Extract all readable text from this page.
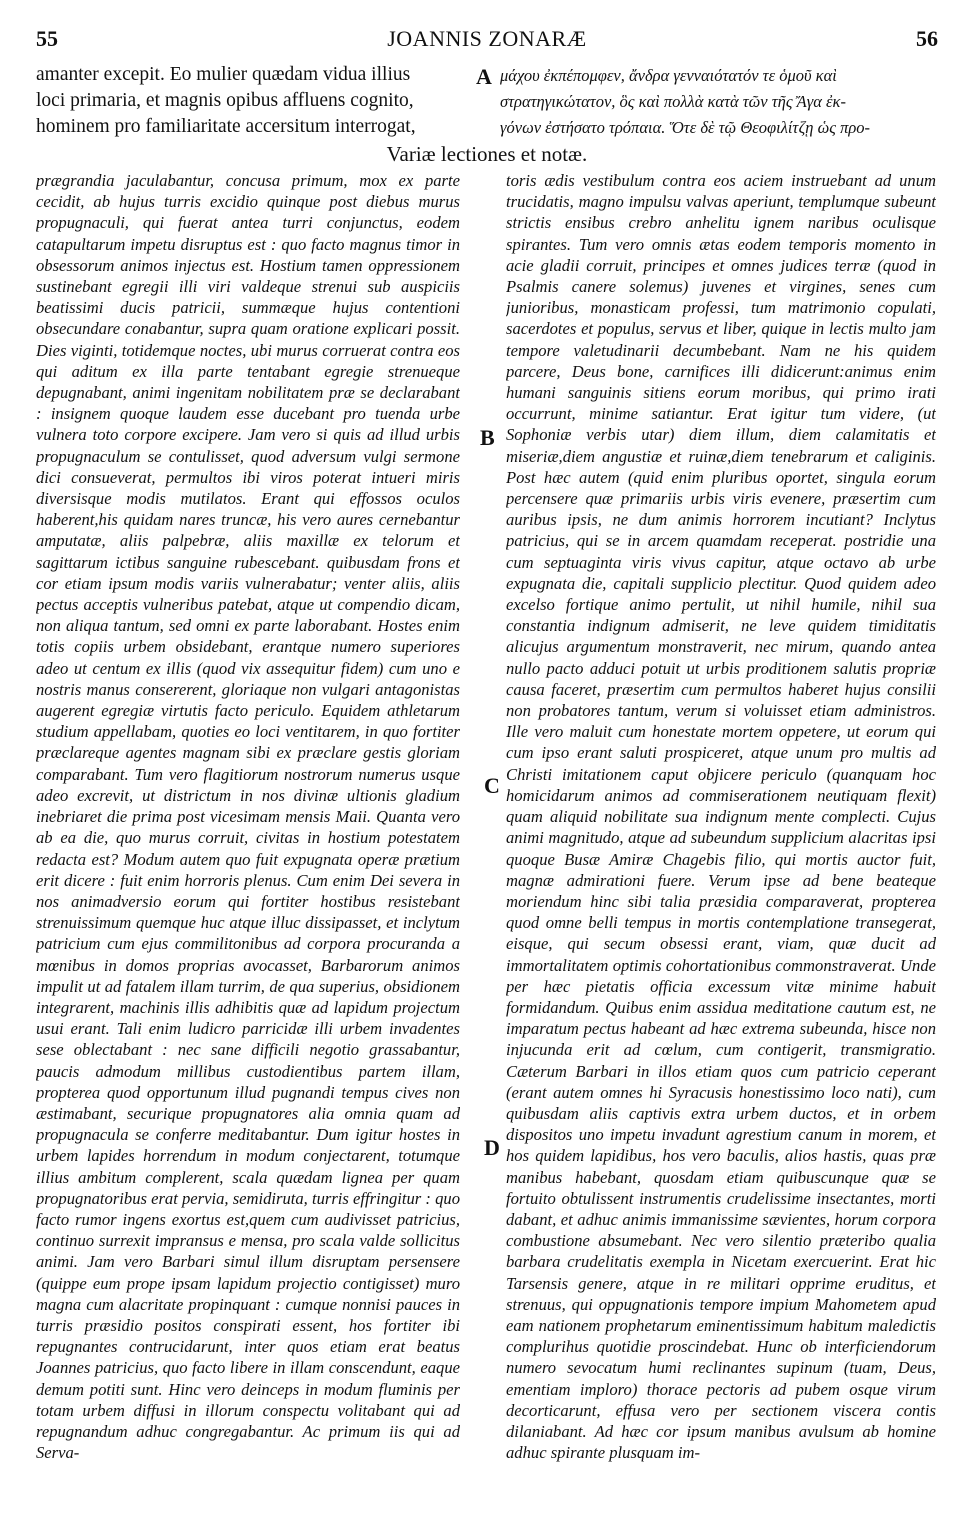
55	JOANNIS ZONARÆ	56
amanter excepit. Eo mulier quædam vidua illius
loci primaria, et magnis opibus affluens cognito,
hominem pro familiaritate accersitum interrogat,
μάχου ἐκπέπομφεν, ἄνδρα γενναιότατόν τε ὁμοῦ καὶ
στρατηγικώτατον, ὃς καὶ πολλὰ κατὰ τῶν τῆς Ἄγα ἐκ-
γόνων ἐστήσατο τρόπαια. Ὅτε δὲ τῷ Θεοφιλίτζῃ ὡς προ-
A
Variæ lectiones et notæ.

prægrandia jaculabantur, concusa primum, mox ex parte cecidit, ab hujus turris excidio quinque post diebus murus propugnaculi, qui fuerat antea turri conjunctus, eodem catapultarum impetu disruptus est : quo facto magnus timor in obsessorum animos injectus est. Hostium tamen oppressionem sustinebant egregii illi viri valdeque strenui sub auspiciis beatissimi ducis patricii, summæque hujus contentioni obsecundare conabantur, supra quam oratione explicari possit. Dies viginti, totidemque noctes, ubi murus corruerat contra eos qui aditum ex illa parte tentabant egregie strenueque depugnabant, animi ingenitam nobilitatem præ se declarabant : insignem quoque laudem esse ducebant pro tuenda urbe vulnera toto corpore excipere. Jam vero si quis ad illud urbis propugnaculum se contulisset, quod adversum vulgi sermone dici consueverat, permultos ibi viros poterat intueri miris diversisque modis mutilatos. Erant qui effossos oculos haberent,his quidam nares truncæ, his vero aures cernebantur amputatæ, aliis palpebræ, aliis maxillæ ex telorum et sagittarum ictibus sanguine rubescebant. quibusdam frons et cor etiam ipsum modis variis vulnerabatur; venter aliis, aliis pectus acceptis vulneribus patebat, atque ut compendio dicam, non aliqua tantum, sed omni ex parte laborabant. Hostes enim totis copiis urbem obsidebant, erantque numero superiores adeo ut centum ex illis (quod vix assequitur fidem) cum uno e nostris manus consererent, gloriaque non vulgari antagonistas augerent egregiæ virtutis facto periculo. Equidem athletarum studium appellabam, quoties eo loci ventitarem, in quo fortiter præclareque agentes magnam sibi ex præclare gestis gloriam comparabant. Tum vero flagitiorum nostrorum numerus usque adeo excrevit, ut districtum in nos divinæ ultionis gladium inebriaret die prima post vicesimam mensis Maii. Quanta vero ab ea die, quo murus corruit, civitas in hostium potestatem redacta est? Modum autem quo fuit expugnata operæ prætium erit dicere : fuit enim horroris plenus. Cum enim Dei severa in nos animadversio eorum qui fortiter hostibus resistebant strenuissimum quemque huc atque illuc dissipasset, et inclytum patricium cum ejus commilitonibus ad corpora procuranda a mœnibus in domos proprias avocasset, Barbarorum animos impulit ut ad fatalem illam turrim, de qua superius, obsidionem integrarent, machinis illis adhibitis quæ ad lapidum projectum usui erant. Tali enim ludicro parricidæ illi urbem invadentes sese oblectabant : nec sane difficili negotio grassabantur, paucis admodum millibus custodientibus partem illam, propterea quod opportunum illud pugnandi tempus cives non æstimabant, securique propugnatores alia omnia quam ad propugnacula se conferre meditabantur. Dum igitur hostes in urbem lapides horrendum in modum conjectarent, totumque illius ambitum complerent, scala quædam lignea per quam propugnatoribus erat pervia, semidiruta, turris effringitur : quo facto rumor ingens exortus est,quem cum audivisset patricius, continuo surrexit impransus e mensa, pro scala valde sollicitus animi. Jam vero Barbari simul illum disruptam persensere (quippe eum prope ipsam lapidum projectio contigisset) muro magna cum alacritate propinquant : cumque nonnisi pauces in turris præsidio positos conspirati essent, hos fortiter ibi repugnantes contrucidarunt, inter quos etiam erat beatus Joannes patricius, quo facto libere in illam conscendunt, eaque demum potiti sunt. Hinc vero deinceps in modum fluminis per totam urbem diffusi in illorum conspectu volitabant qui ad repugnandum adhuc congregabantur. Ac primum iis qui ad Serva-

B
C
D

toris ædis vestibulum contra eos aciem instruebant ad unum trucidatis, magno impulsu valvas aperiunt, templumque subeunt strictis ensibus crebro anhelitu ignem naribus oculisque spirantes. Tum vero omnis ætas eodem temporis momento in acie gladii corruit, principes et omnes judices terræ (quod in Psalmis canere solemus) juvenes et virgines, senes cum junioribus, monasticam professi, tum matrimonio copulati, sacerdotes et populus, servus et liber, quique in lectis multo jam tempore valetudinarii decumbebant. Nam ne his quidem parcere, Deus bone, carnifices illi didicerunt:animus enim humani sanguinis sitiens eorum moribus, qui primo irati occurrunt, minime satiantur. Erat igitur tum videre, (ut Sophoniæ verbis utar) diem illum, diem calamitatis et miseriæ,diem angustiæ et ruinæ,diem tenebrarum et caliginis. Post hæc autem (quid enim pluribus oportet, singula eorum percensere quæ primariis urbis viris evenere, præsertim cum auribus ipsis, ne dum animis horrorem incutiant? Inclytus patricius, qui se in arcem quamdam receperat. postridie una cum septuaginta viris vivus capitur, atque octavo ab urbe expugnata die, capitali supplicio plectitur. Quod quidem adeo excelso fortique animo pertulit, ut nihil humile, nihil sua constantia indignum admiserit, ne leve quidem timiditatis alicujus argumentum monstraverit, nec mirum, quando antea nullo pacto adduci potuit ut urbis proditionem salutis propriæ causa faceret, præsertim cum permultos haberet hujus consilii non probatores tantum, verum si voluisset etiam administros. Ille vero maluit cum honestate mortem oppetere, ut eorum qui cum ipso erant saluti prospiceret, atque unum pro multis ad Christi imitationem caput objicere periculo (quanquam hoc homicidarum animos ad commiserationem neutiquam flexit) quam aliquid nobilitate sua indignum mente complecti. Cujus animi magnitudo, atque ad subeundum supplicium alacritas ipsi quoque Busæ Amiræ Chagebis filio, qui mortis auctor fuit, magnæ admirationi fuere. Verum ipse ad bene beateque moriendum hinc sibi talia præsidia comparaverat, propterea quod omne belli tempus in mortis contemplatione transegerat, eisque, qui secum obsessi erant, viam, quæ ducit ad immortalitatem optimis cohortationibus commonstraverat. Unde per hæc pietatis officia excessum vitæ minime habuit formidandum. Quibus enim assidua meditatione cautum est, ne imparatum pectus habeant ad hæc extrema subeunda, hisce non injucunda erit ad cœlum, cum contigerit, transmigratio. Cæterum Barbari in illos etiam quos cum patricio ceperant (erant autem omnes hi Syracusis honestissimo loco nati), cum quibusdam aliis captivis extra urbem ductos, et in orbem dispositos uno impetu invadunt agrestium canum in morem, et hos quidem lapidibus, hos vero baculis, alios hastis, quas præ manibus habebant, quosdam etiam quibuscunque quæ se fortuito obtulissent instrumentis crudelissime insectantes, morti dabant, et adhuc animis immanissime sævientes, horum corpora combustione absumebant. Nec vero silentio præteribo qualia barbara crudelitatis exempla in Nicetam exercuerint. Erat hic Tarsensis genere, atque in re militari opprime eruditus, et strenuus, qui oppugnationis tempore impium Mahometem apud eam nationem prophetarum eminentissimum habitum maledictis complurihus quotidie proscindebat. Hunc ob interficiendorum numero sevocatum humi reclinantes supinum (tuam, Deus, ementiam imploro) thorace pectoris ad pubem osque virum decorticarunt, effusa vero per sectionem viscera contis dilaniabant. Ad hæc cor ipsum manibus avulsum ab homine adhuc spirante plusquam im-
